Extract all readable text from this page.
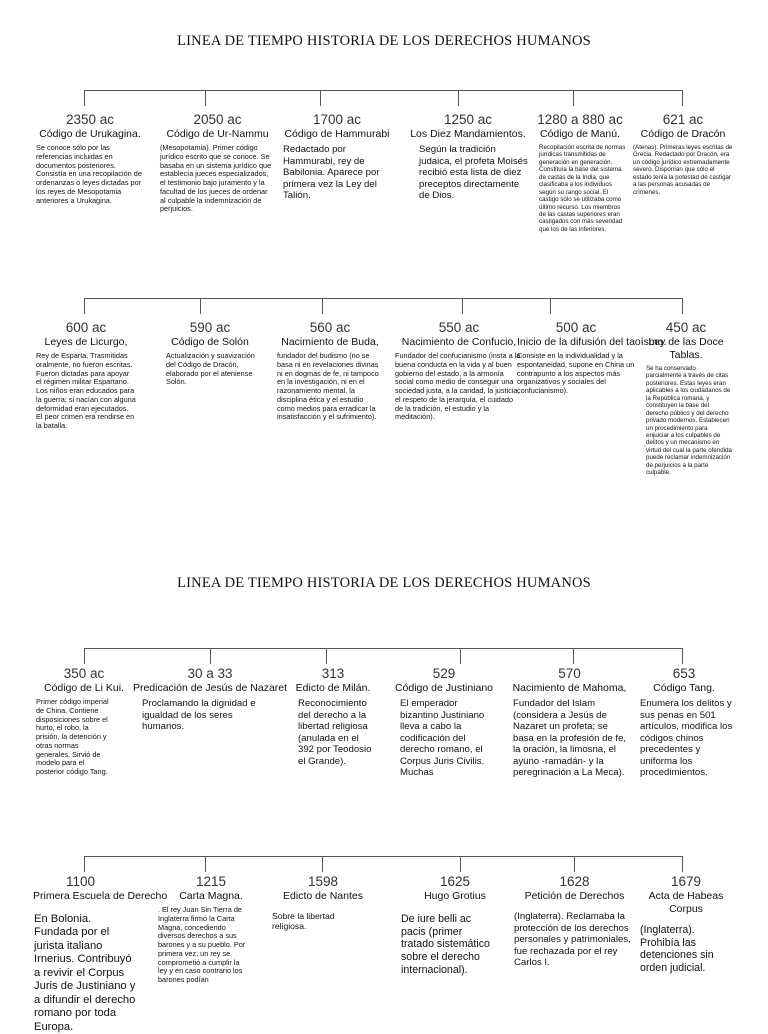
LINEA DE TIEMPO HISTORIA DE LOS DERECHOS HUMANOS
2350 ac
Código de Urukagina.
Se conoce sólo por las referencias incluidas en documentos posteriores. Consistía en una recopilación de ordenanzas o leyes dictadas por los reyes de Mesopotamia anteriores a Urukagina.
2050 ac
Código de Ur-Nammu
(Mesopotamia). Primer código jurídico escrito que se conoce. Se basaba en un sistema jurídico que establecía jueces especializados, el testimonio bajo juramento y la facultad de los jueces de ordenar al culpable la indemnización de perjuicios.
1700 ac
Código de Hammurabi
Redactado por Hammurabi, rey de Babilonia. Aparece por primera vez la Ley del Talión.
1250 ac
Los Diez Mandamientos.
Según la tradición judaica, el profeta Moisés recibió esta lista de diez preceptos directamente de Dios.
1280 a 880 ac
Código de Manú.
Recopilación escrita de normas jurídicas transmitidas de generación en generación. Constituía la base del sistema de castas de la India, que clasificaba a los individuos según su rango social. El castigo sólo se utilizaba como último recurso. Los miembros de las castas superiores eran castigados con más severidad que los de las inferiores.
621 ac
Código de Dracón
(Atenas). Primeras leyes escritas de Grecia. Redactado por Dracón, era un código jurídico extremadamente severo. Disponían que sólo el estado tenía la potestad de castigar a las personas acusadas de crímenes.
600 ac
Leyes de Licurgo,
Rey de Esparta. Trasmitidas oralmente, no fueron escritas. Fueron dictadas para apoyar el régimen militar Espartano. Los niños eran educados para la guerra; si nacían con alguna deformidad eran ejecutados. El peor crimen era rendirse en la batalla.
590 ac
Código de Solón
Actualización y suavización del Código de Dracón, elaborado por el ateniense Solón.
560 ac
Nacimiento de Buda,
fundador del budismo (no se basa ni en revelaciones divinas ni en dogmas de fe, ni tampoco en la investigación, ni en el razonamiento mental, la disciplina ética y el estudio como medios para erradicar la insatisfacción y el sufrimiento).
550 ac
Nacimiento de Confucio,
Fundador del confucianismo (insta a la buena conducta en la vida y al buen gobierno del estado, a la armonía social como medio de conseguir una sociedad justa, a la caridad, la justicia, el respeto de la jerarquía, el cuidado de la tradición, el estudio y la meditación).
500 ac
Inicio de la difusión del taoísmo.
Consiste en la individualidad y la espontaneidad, supone en China un contrapunto a los aspectos más organizativos y sociales del confucianismo).
450 ac
Ley de las Doce Tablas.
Se ha conservado parcialmente a través de citas posteriores. Estas leyes eran aplicables a los ciudadanos de la República romana, y constituyen la base del derecho público y del derecho privado modernos. Establecen un procedimiento para enjuiciar a los culpables de delitos y un mecanismo en virtud del cual la parte ofendida puede reclamar indemnización de perjuicios a la parte culpable.
LINEA DE TIEMPO HISTORIA DE LOS DERECHOS HUMANOS
350 ac
Código de Li Kui.
Primer código imperial de China. Contiene disposiciones sobre el hurto, el robo, la prisión, la detención y otras normas generales. Sirvió de modelo para el posterior código Tang.
30 a 33
Predicación de Jesús de Nazaret
Proclamando la dignidad e igualdad de los seres humanos.
313
Edicto de Milán.
Reconocimiento del derecho a la libertad religiosa (anulada en el 392 por Teodosio el Grande).
529
Código de Justiniano
El emperador bizantino Justiniano lleva a cabo la codificación del derecho romano, el Corpus Juris Civilis. Muchas
570
Nacimiento de Mahoma,
Fundador del Islam (considera a Jesús de Nazaret un profeta; se basa en la profesión de fe, la oración, la limosna, el ayuno -ramadán- y la peregrinación a La Meca).
653
Código Tang.
Enumera los delitos y sus penas en 501 artículos, modifica los códigos chinos precedentes y uniforma los procedimientos.
1100
Primera Escuela de Derecho
En Bolonia. Fundada por el jurista italiano Irnerius. Contribuyó a revivir el Corpus Juris de Justiniano y a difundir el derecho romano por toda Europa.
1215
Carta Magna.
. El rey Juan Sin Tierra de Inglaterra firmó la Carta Magna, concediendo diversos derechos a sus barones y a su pueblo. Por primera vez, un rey se comprometió a cumplir la ley y en caso contrario los barones podían
1598
Edicto de Nantes
Sobre la libertad religiosa.
1625
Hugo Grotius
De iure belli ac pacis (primer tratado sistemático sobre el derecho internacional).
1628
Petición de Derechos
(Inglaterra). Reclamaba la protección de los derechos personales y patrimoniales, fue rechazada por el rey Carlos I.
1679
Acta de Habeas Corpus
(Inglaterra). Prohibía las detenciones sin orden judicial.
